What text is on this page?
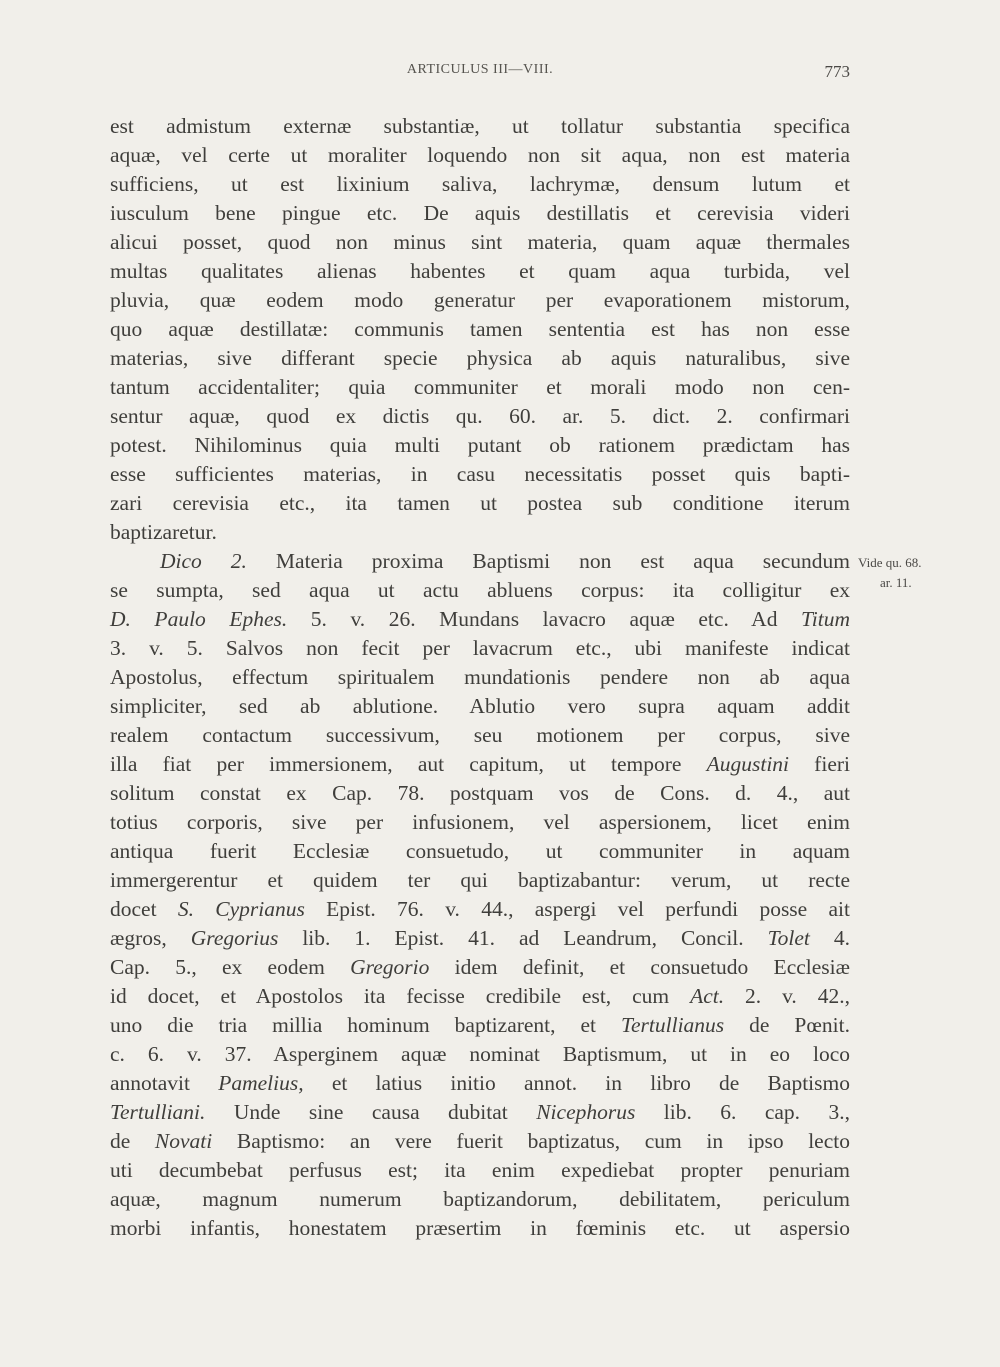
ARTICULUS III—VIII.	773
est admistum externæ substantiæ, ut tollatur substantia specifica
aquæ, vel certe ut moraliter loquendo non sit aqua, non est materia
sufficiens, ut est lixinium saliva, lachrymæ, densum lutum et
iusculum bene pingue etc. De aquis destillatis et cerevisia videri
alicui posset, quod non minus sint materia, quam aquæ thermales
multas qualitates alienas habentes et quam aqua turbida, vel
pluvia, quæ eodem modo generatur per evaporationem mistorum,
quo aquæ destillatæ: communis tamen sententia est has non esse
materias, sive differant specie physica ab aquis naturalibus, sive
tantum accidentaliter; quia communiter et morali modo non cen-
sentur aquæ, quod ex dictis qu. 60. ar. 5. dict. 2. confirmari
potest. Nihilominus quia multi putant ob rationem prædictam has
esse sufficientes materias, in casu necessitatis posset quis bapti-
zari cerevisia etc., ita tamen ut postea sub conditione iterum
baptizaretur.
Dico 2. Materia proxima Baptismi non est aqua secundum
se sumpta, sed aqua ut actu abluens corpus: ita colligitur ex
D. Paulo Ephes. 5. v. 26. Mundans lavacro aquæ etc. Ad Titum
3. v. 5. Salvos non fecit per lavacrum etc., ubi manifeste indicat
Apostolus, effectum spiritualem mundationis pendere non ab aqua
simpliciter, sed ab ablutione. Ablutio vero supra aquam addit
realem contactum successivum, seu motionem per corpus, sive
illa fiat per immersionem, aut capitum, ut tempore Augustini fieri
solitum constat ex Cap. 78. postquam vos de Cons. d. 4., aut
totius corporis, sive per infusionem, vel aspersionem, licet enim
antiqua fuerit Ecclesiæ consuetudo, ut communiter in aquam
immergerentur et quidem ter qui baptizabantur: verum, ut recte
docet S. Cyprianus Epist. 76. v. 44., aspergi vel perfundi posse ait
ægros, Gregorius lib. 1. Epist. 41. ad Leandrum, Concil. Tolet 4.
Cap. 5., ex eodem Gregorio idem definit, et consuetudo Ecclesiæ
id docet, et Apostolos ita fecisse credibile est, cum Act. 2. v. 42.,
uno die tria millia hominum baptizarent, et Tertullianus de Pœnit.
c. 6. v. 37. Asperginem aquæ nominat Baptismum, ut in eo loco
annotavit Pamelius, et latius initio annot. in libro de Baptismo
Tertulliani. Unde sine causa dubitat Nicephorus lib. 6. cap. 3.,
de Novati Baptismo: an vere fuerit baptizatus, cum in ipso lecto
uti decumbebat perfusus est; ita enim expediebat propter penuriam
aquæ, magnum numerum baptizandorum, debilitatem, periculum
morbi infantis, honestatem præsertim in fœminis etc. ut aspersio
Vide qu. 68.
ar. 11.
